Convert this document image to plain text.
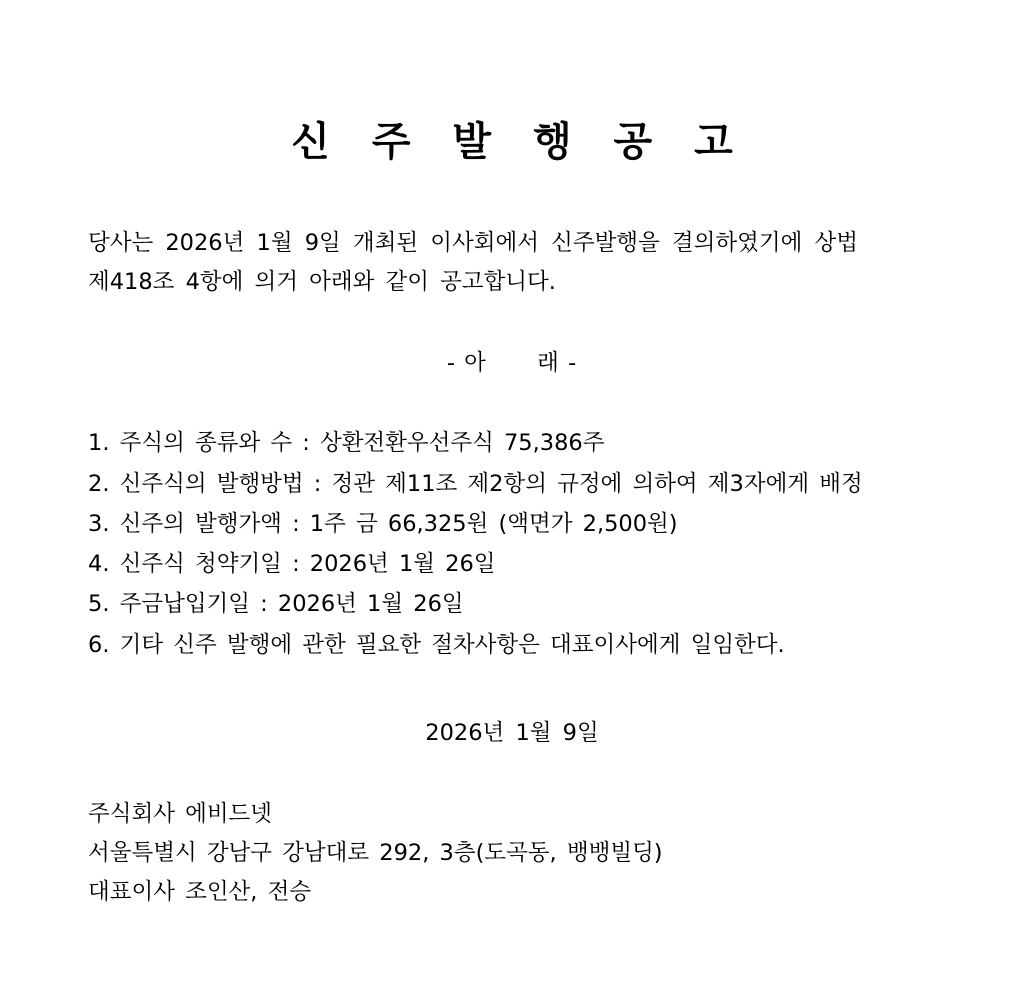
신 주 발 행 공 고

당사는 2026년 1월 9일 개최된 이사회에서 신주발행을 결의하였기에 상법
제418조 4항에 의거 아래와 같이 공고합니다.

- 아 래 -
1. 주식의 종류와 수 : 상환전환우선주식 75,386주
2. 신주식의 발행방법 : 정관 제11조 제2항의 규정에 의하여 제3자에게 배정
3. 신주의 발행가액 : 1주 금 66,325원 (액면가 2,500원)
4. 신주식 청약기일 : 2026년 1월 26일
5. 주금납입기일 : 2026년 1월 26일
6. 기타 신주 발행에 관한 필요한 절차사항은 대표이사에게 일임한다.
2026년 1월 9일
주식회사 에비드넷
서울특별시 강남구 강남대로 292, 3층(도곡동, 뱅뱅빌딩)
대표이사 조인산, 전승
